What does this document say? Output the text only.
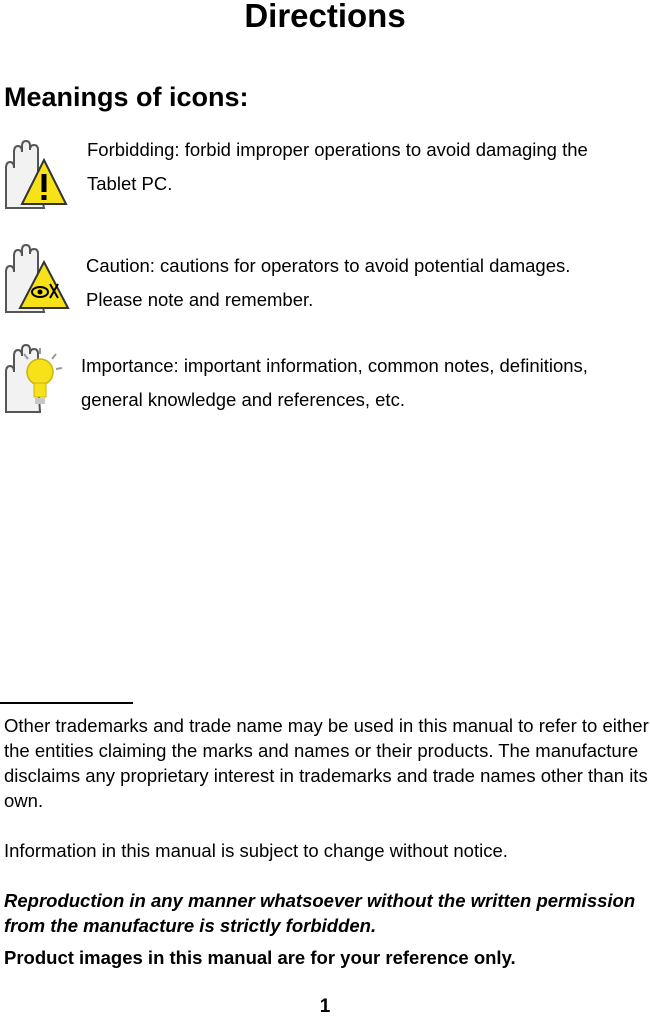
Directions
Meanings of icons:
Forbidding: forbid improper operations to avoid damaging the
Tablet PC.
Caution: cautions for operators to avoid potential damages.
Please note and remember.
Importance: important information, common notes, definitions,
general knowledge and references, etc.
Other trademarks and trade name may be used in this manual to refer to either the entities claiming the marks and names or their products. The manufacture disclaims any proprietary interest in trademarks and trade names other than its own.
Information in this manual is subject to change without notice.
Reproduction in any manner whatsoever without the written permission from the manufacture is strictly forbidden.
Product images in this manual are for your reference only.
1
